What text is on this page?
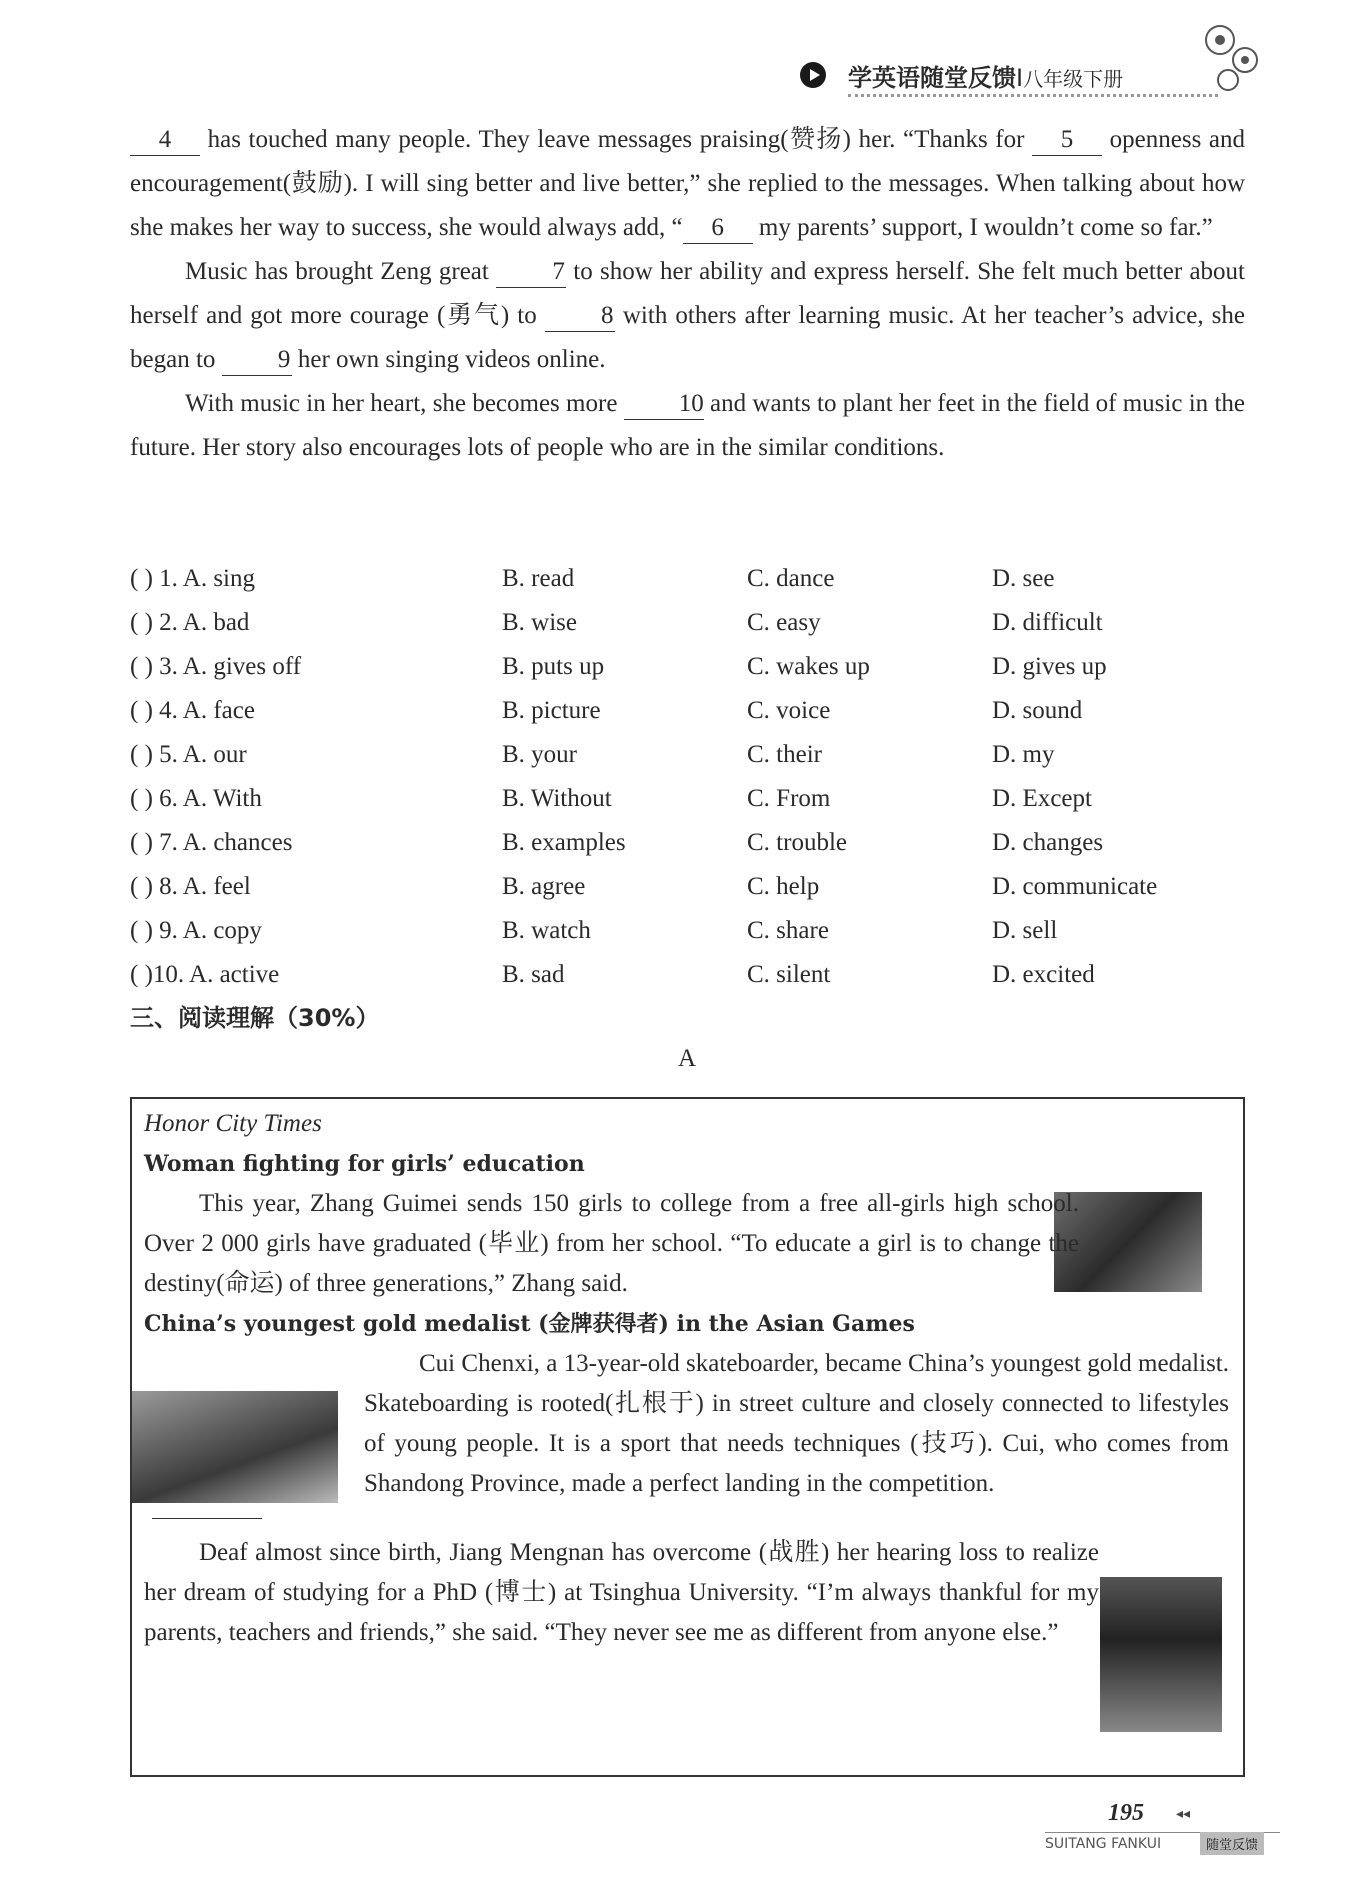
学英语随堂反馈Ⅰ八年级下册

4 has touched many people. They leave messages praising(赞扬) her. “Thanks for 5 openness and encouragement(鼓励). I will sing better and live better,” she replied to the messages. When talking about how she makes her way to success, she would always add, “ 6 my parents’ support, I wouldn’t come so far.”

Music has brought Zeng great 7 to show her ability and express herself. She felt much better about herself and got more courage (勇气) to 8 with others after learning music. At her teacher’s advice, she began to 9 her own singing videos online.

With music in her heart, she becomes more 10 and wants to plant her feet in the field of music in the future. Her story also encourages lots of people who are in the similar conditions.

( ) 1. A. sing	B. read	C. dance	D. see
( ) 2. A. bad	B. wise	C. easy	D. difficult
( ) 3. A. gives off	B. puts up	C. wakes up	D. gives up
( ) 4. A. face	B. picture	C. voice	D. sound
( ) 5. A. our	B. your	C. their	D. my
( ) 6. A. With	B. Without	C. From	D. Except
( ) 7. A. chances	B. examples	C. trouble	D. changes
( ) 8. A. feel	B. agree	C. help	D. communicate
( ) 9. A. copy	B. watch	C. share	D. sell
( )10. A. active	B. sad	C. silent	D. excited
三、阅读理解（30%）
A
Honor City Times
Woman fighting for girls’ education

This year, Zhang Guimei sends 150 girls to college from a free all-girls high school. Over 2 000 girls have graduated (毕业) from her school. “To educate a girl is to change the destiny(命运) of three generations,” Zhang said.

China’s youngest gold medalist (金牌获得者) in the Asian Games

Cui Chenxi, a 13-year-old skateboarder, became China’s youngest gold medalist. Skateboarding is rooted(扎根于) in street culture and closely connected to lifestyles of young people. It is a sport that needs techniques (技巧). Cui, who comes from Shandong Province, made a perfect landing in the competition.

Deaf almost since birth, Jiang Mengnan has overcome (战胜) her hearing loss to realize her dream of studying for a PhD (博士) at Tsinghua University. “I’m always thankful for my parents, teachers and friends,” she said. “They never see me as different from anyone else.”

195 ◂◂
SUITANG FANKUI	随堂反馈
